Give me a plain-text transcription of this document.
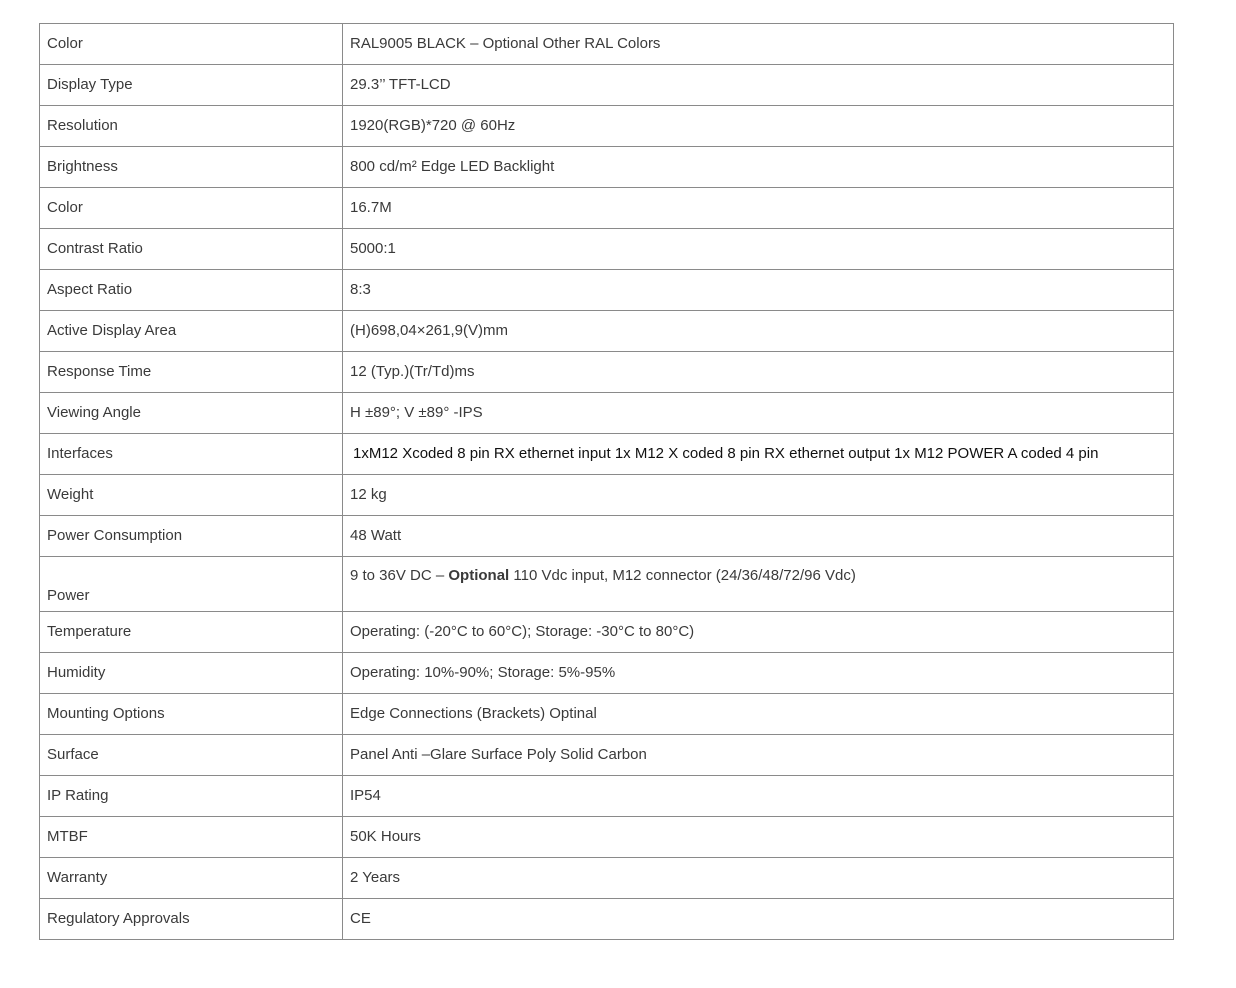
Color	RAL9005 BLACK – Optional Other RAL Colors
Display Type	29.3’’ TFT-LCD
Resolution	1920(RGB)*720 @ 60Hz
Brightness	800 cd/m² Edge LED Backlight
Color	16.7M
Contrast Ratio	5000:1
Aspect Ratio	8:3
Active Display Area	(H)698,04×261,9(V)mm
Response Time	12 (Typ.)(Tr/Td)ms
Viewing Angle	H ±89°; V ±89° -IPS
Interfaces	1xM12 Xcoded 8 pin RX ethernet input 1x M12 X coded 8 pin RX ethernet output 1x M12 POWER A coded 4 pin
Weight	12 kg
Power Consumption	48 Watt
Power	9 to 36V DC – Optional 110 Vdc input, M12 connector (24/36/48/72/96 Vdc)
Temperature	Operating: (-20°C to 60°C); Storage: -30°C to 80°C)
Humidity	Operating: 10%-90%; Storage: 5%-95%
Mounting Options	Edge Connections (Brackets) Optinal
Surface	Panel Anti –Glare Surface Poly Solid Carbon
IP Rating	IP54
MTBF	50K Hours
Warranty	2 Years
Regulatory Approvals	CE
